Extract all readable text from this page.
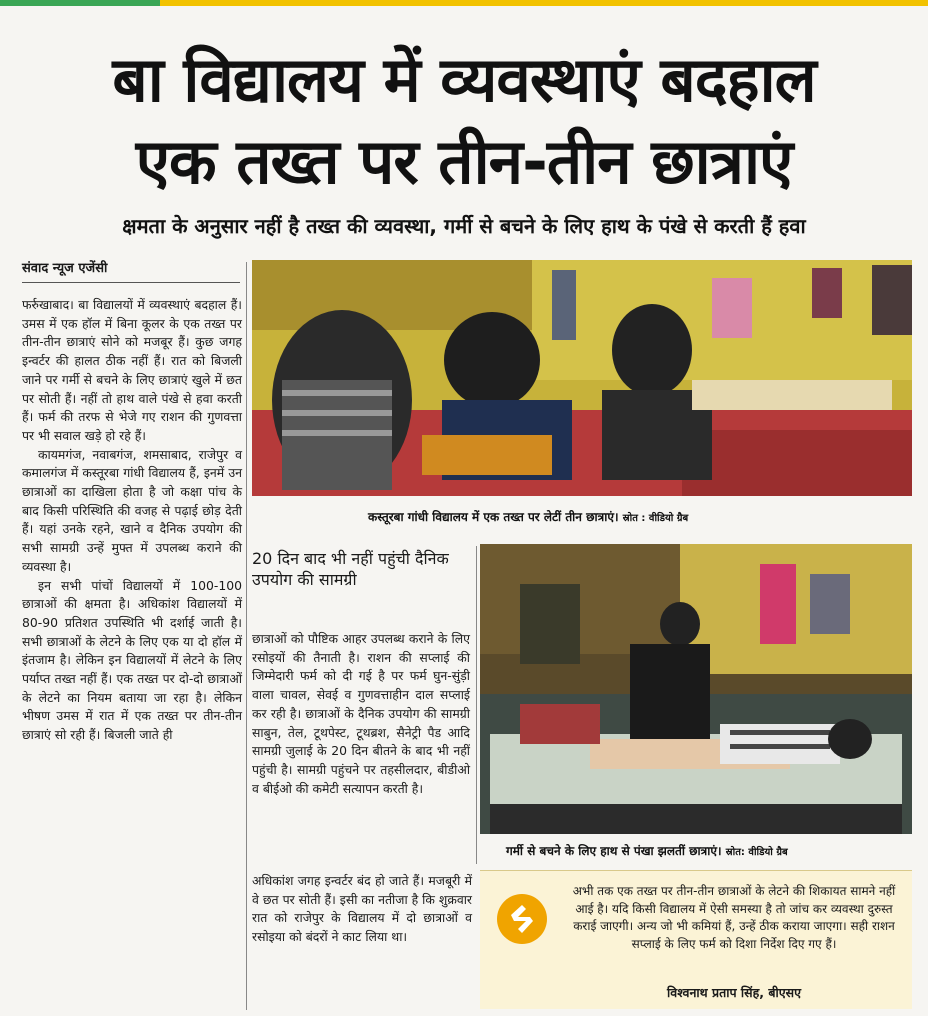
बा विद्यालय में व्यवस्थाएं बदहाल
एक तख्त पर तीन-तीन छात्राएं
क्षमता के अनुसार नहीं है तख्त की व्यवस्था, गर्मी से बचने के लिए हाथ के पंखे से करती हैं हवा
संवाद न्यूज एजेंसी

फर्रुखाबाद। बा विद्यालयों में व्यवस्थाएं बदहाल हैं। उमस में एक हॉल में बिना कूलर के एक तख्त पर तीन-तीन छात्राएं सोने को मजबूर हैं। कुछ जगह इन्वर्टर की हालत ठीक नहीं हैं। रात को बिजली जाने पर गर्मी से बचने के लिए छात्राएं खुले में छत पर सोती हैं। नहीं तो हाथ वाले पंखे से हवा करती हैं। फर्म की तरफ से भेजे गए राशन की गुणवत्ता पर भी सवाल खड़े हो रहे हैं।

कायमगंज, नवाबगंज, शमसाबाद, राजेपुर व कमालगंज में कस्तूरबा गांधी विद्यालय हैं, इनमें उन छात्राओं का दाखिला होता है जो कक्षा पांच के बाद किसी परिस्थिति की वजह से पढ़ाई छोड़ देती हैं। यहां उनके रहने, खाने व दैनिक उपयोग की सभी सामग्री उन्हें मुफ्त में उपलब्ध कराने की व्यवस्था है।

इन सभी पांचों विद्यालयों में 100-100 छात्राओं की क्षमता है। अधिकांश विद्यालयों में 80-90 प्रतिशत उपस्थिति भी दर्शाई जाती है। सभी छात्राओं के लेटने के लिए एक या दो हॉल में इंतजाम है। लेकिन इन विद्यालयों में लेटने के लिए पर्याप्त तख्त नहीं हैं। एक तख्त पर दो-दो छात्राओं के लेटने का नियम बताया जा रहा है। लेकिन भीषण उमस में रात में एक तख्त पर तीन-तीन छात्राएं सो रही हैं। बिजली जाते ही

कस्तूरबा गांधी विद्यालय में एक तख्त पर लेटीं तीन छात्राएं। स्रोत : वीडियो ग्रैब
20 दिन बाद भी नहीं पहुंची दैनिक उपयोग की सामग्री

छात्राओं को पौष्टिक आहर उपलब्ध कराने के लिए रसोइयों की तैनाती है। राशन की सप्लाई की जिम्मेदारी फर्म को दी गई है पर फर्म घुन-सुंड़ी वाला चावल, सेवई व गुणवत्ताहीन दाल सप्लाई कर रही है। छात्राओं के दैनिक उपयोग की सामग्री साबुन, तेल, टूथपेस्ट, टूथब्रश, सैनेट्री पैड आदि सामग्री जुलाई के 20 दिन बीतने के बाद भी नहीं पहुंची है। सामग्री पहुंचने पर तहसीलदार, बीडीओ व बीईओ की कमेटी सत्यापन करती है।

गर्मी से बचने के लिए हाथ से पंखा झलतीं छात्राएं। स्रोत: वीडियो ग्रैब

अधिकांश जगह इन्वर्टर बंद हो जाते हैं। मजबूरी में वे छत पर सोती हैं। इसी का नतीजा है कि शुक्रवार रात को राजेपुर के विद्यालय में दो छात्राओं व रसोइया को बंदरों ने काट लिया था।

अभी तक एक तख्त पर तीन-तीन छात्राओं के लेटने की शिकायत सामने नहीं आई है। यदि किसी विद्यालय में ऐसी समस्या है तो जांच कर व्यवस्था दुरुस्त कराई जाएगी। अन्य जो भी कमियां हैं, उन्हें ठीक कराया जाएगा। सही राशन सप्लाई के लिए फर्म को दिशा निर्देश दिए गए हैं।
विश्वनाथ प्रताप सिंह, बीएसए
